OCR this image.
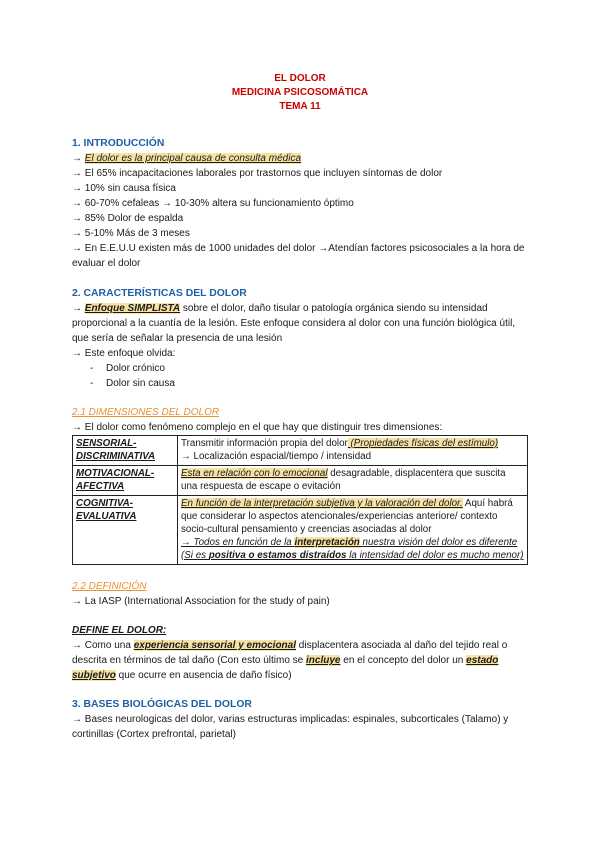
EL DOLOR
MEDICINA PSICOSOMÁTICA
TEMA 11
1. INTRODUCCIÓN

→ El dolor es la principal causa de consulta médica

→ El 65% incapacitaciones laborales por trastornos que incluyen síntomas de dolor

→ 10% sin causa física

→ 60-70% cefaleas → 10-30% altera su funcionamiento óptimo

→ 85% Dolor de espalda

→ 5-10% Más de 3 meses

→ En E.E.U.U existen más de 1000 unidades del dolor →Atendían factores psicosociales a la hora de evaluar el dolor

2. CARACTERÍSTICAS DEL DOLOR

→ Enfoque SIMPLISTA sobre el dolor, daño tisular o patología orgánica siendo su intensidad proporcional a la cuantía de la lesión. Este enfoque considera al dolor con una función biológica útil, que sería de señalar la presencia de una lesión

→ Este enfoque olvida:

- Dolor crónico

- Dolor sin causa

2.1 DIMENSIONES DEL DOLOR

→ El dolor como fenómeno complejo en el que hay que distinguir tres dimensiones:

SENSORIAL-DISCRIMINATIVA	Transmitir información propia del dolor (Propiedades físicas del estímulo)
→ Localización espacial/tiempo / intensidad
MOTIVACIONAL-AFECTIVA	Esta en relación con lo emocional desagradable, displacentera que suscita una respuesta de escape o evitación
COGNITIVA-EVALUATIVA	En función de la interpretación subjetiva y la valoración del dolor. Aquí habrá que considerar lo aspectos atencionales/experiencias anteriore/ contexto socio-cultural pensamiento y creencias asociadas al dolor
→ Todos en función de la interpretación nuestra visión del dolor es diferente (Si es positiva o estamos distraídos la intensidad del dolor es mucho menor)

2.2 DEFINICIÓN

→ La IASP (International Association for the study of pain)

DEFINE EL DOLOR:

→ Como una experiencia sensorial y emocional displacentera asociada al daño del tejido real o descrita en términos de tal daño (Con esto último se incluye en el concepto del dolor un estado subjetivo que ocurre en ausencia de daño físico)

3. BASES BIOLÓGICAS DEL DOLOR

→ Bases neurologicas del dolor, varias estructuras implicadas: espinales, subcorticales (Talamo) y cortinillas (Cortex prefrontal, parietal)
